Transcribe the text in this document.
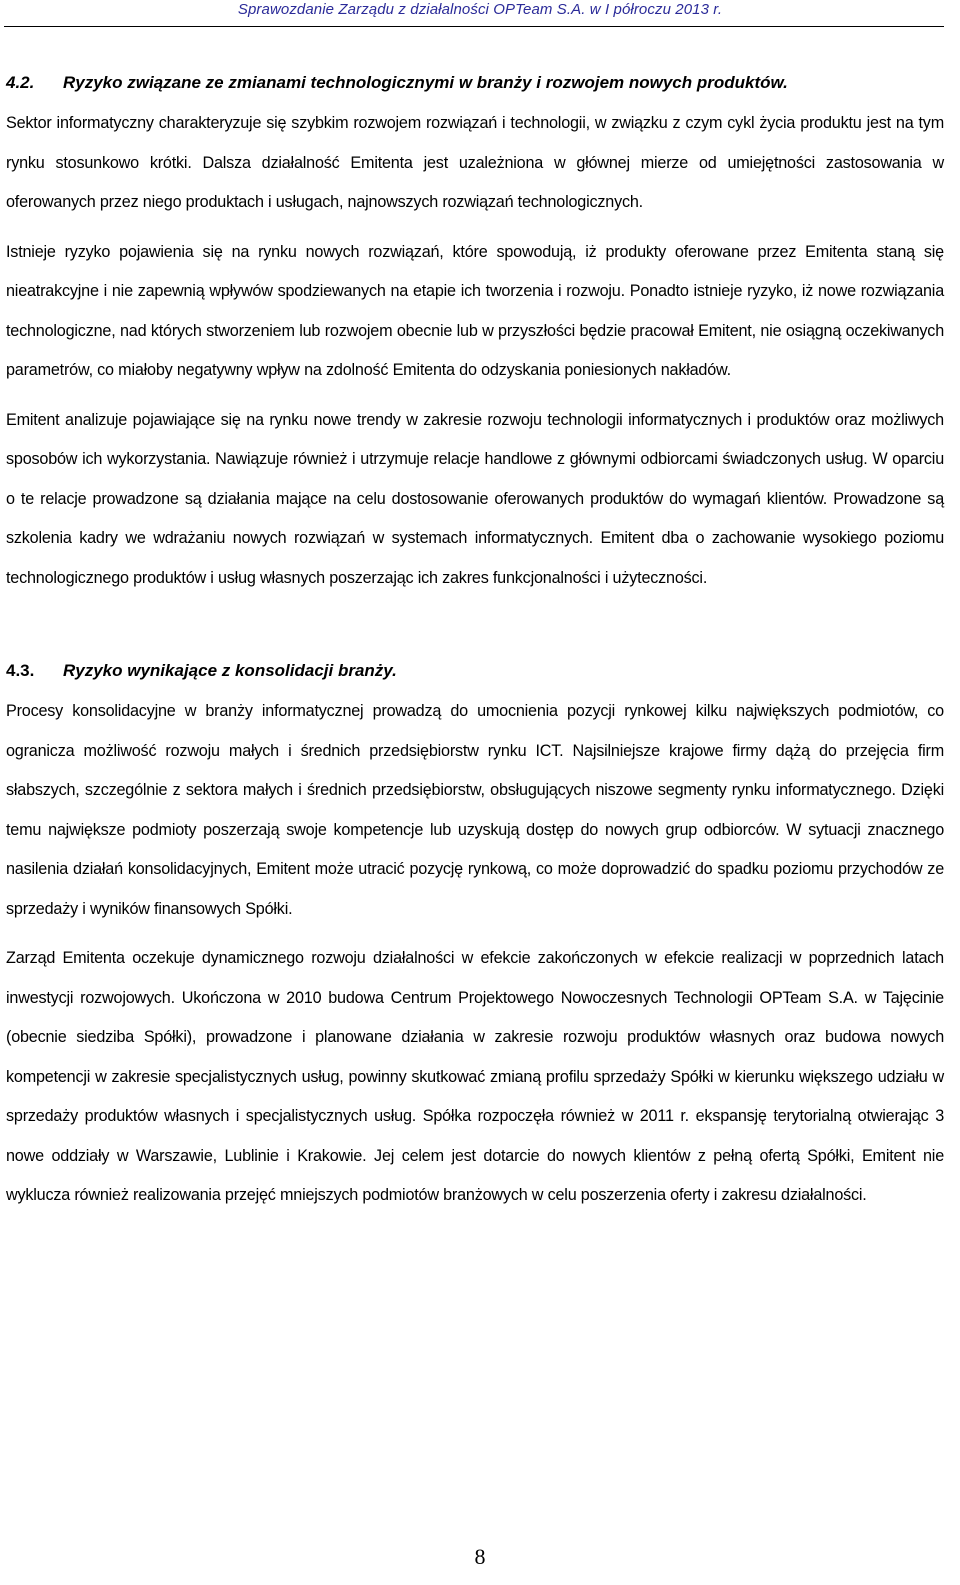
Sprawozdanie Zarządu z działalności OPTeam S.A. w I półroczu 2013 r.
4.2.	Ryzyko związane ze zmianami technologicznymi w branży i rozwojem nowych produktów.

Sektor informatyczny charakteryzuje się szybkim rozwojem rozwiązań i technologii, w związku z czym cykl życia produktu jest na tym rynku stosunkowo krótki. Dalsza działalność Emitenta jest uzależniona w głównej mierze od umiejętności zastosowania w oferowanych przez niego produktach i usługach, najnowszych rozwiązań technologicznych.

Istnieje ryzyko pojawienia się na rynku nowych rozwiązań, które spowodują, iż produkty oferowane przez Emitenta staną się nieatrakcyjne i nie zapewnią wpływów spodziewanych na etapie ich tworzenia i rozwoju. Ponadto istnieje ryzyko, iż nowe rozwiązania technologiczne, nad których stworzeniem lub rozwojem obecnie lub w przyszłości będzie pracował Emitent, nie osiągną oczekiwanych parametrów, co miałoby negatywny wpływ na zdolność Emitenta do odzyskania poniesionych nakładów.

Emitent analizuje pojawiające się na rynku nowe trendy w zakresie rozwoju technologii informatycznych i produktów oraz możliwych sposobów ich wykorzystania. Nawiązuje również i utrzymuje relacje handlowe z głównymi odbiorcami świadczonych usług. W oparciu o te relacje prowadzone są działania mające na celu dostosowanie oferowanych produktów do wymagań klientów. Prowadzone są szkolenia kadry we wdrażaniu nowych rozwiązań w systemach informatycznych. Emitent dba o zachowanie wysokiego poziomu technologicznego produktów i usług własnych poszerzając ich zakres funkcjonalności i użyteczności.

4.3.	Ryzyko wynikające z konsolidacji branży.

Procesy konsolidacyjne w branży informatycznej prowadzą do umocnienia pozycji rynkowej kilku największych podmiotów, co ogranicza możliwość rozwoju małych i średnich przedsiębiorstw rynku ICT. Najsilniejsze krajowe firmy dążą do przejęcia firm słabszych, szczególnie z sektora małych i średnich przedsiębiorstw, obsługujących niszowe segmenty rynku informatycznego. Dzięki temu największe podmioty poszerzają swoje kompetencje lub uzyskują dostęp do nowych grup odbiorców. W sytuacji znacznego nasilenia działań konsolidacyjnych, Emitent może utracić pozycję rynkową, co może doprowadzić do spadku poziomu przychodów ze sprzedaży i wyników finansowych Spółki.

Zarząd Emitenta oczekuje dynamicznego rozwoju działalności w efekcie zakończonych w efekcie realizacji w poprzednich latach inwestycji rozwojowych. Ukończona w 2010 budowa Centrum Projektowego Nowoczesnych Technologii OPTeam S.A. w Tajęcinie (obecnie siedziba Spółki), prowadzone i planowane działania w zakresie rozwoju produktów własnych oraz budowa nowych kompetencji w zakresie specjalistycznych usług, powinny skutkować zmianą profilu sprzedaży Spółki w kierunku większego udziału w sprzedaży produktów własnych i specjalistycznych usług. Spółka rozpoczęła również w 2011 r. ekspansję terytorialną otwierając 3 nowe oddziały w Warszawie, Lublinie i Krakowie. Jej celem jest dotarcie do nowych klientów z pełną ofertą Spółki, Emitent nie wyklucza również realizowania przejęć mniejszych podmiotów branżowych w celu poszerzenia oferty i zakresu działalności.

8
